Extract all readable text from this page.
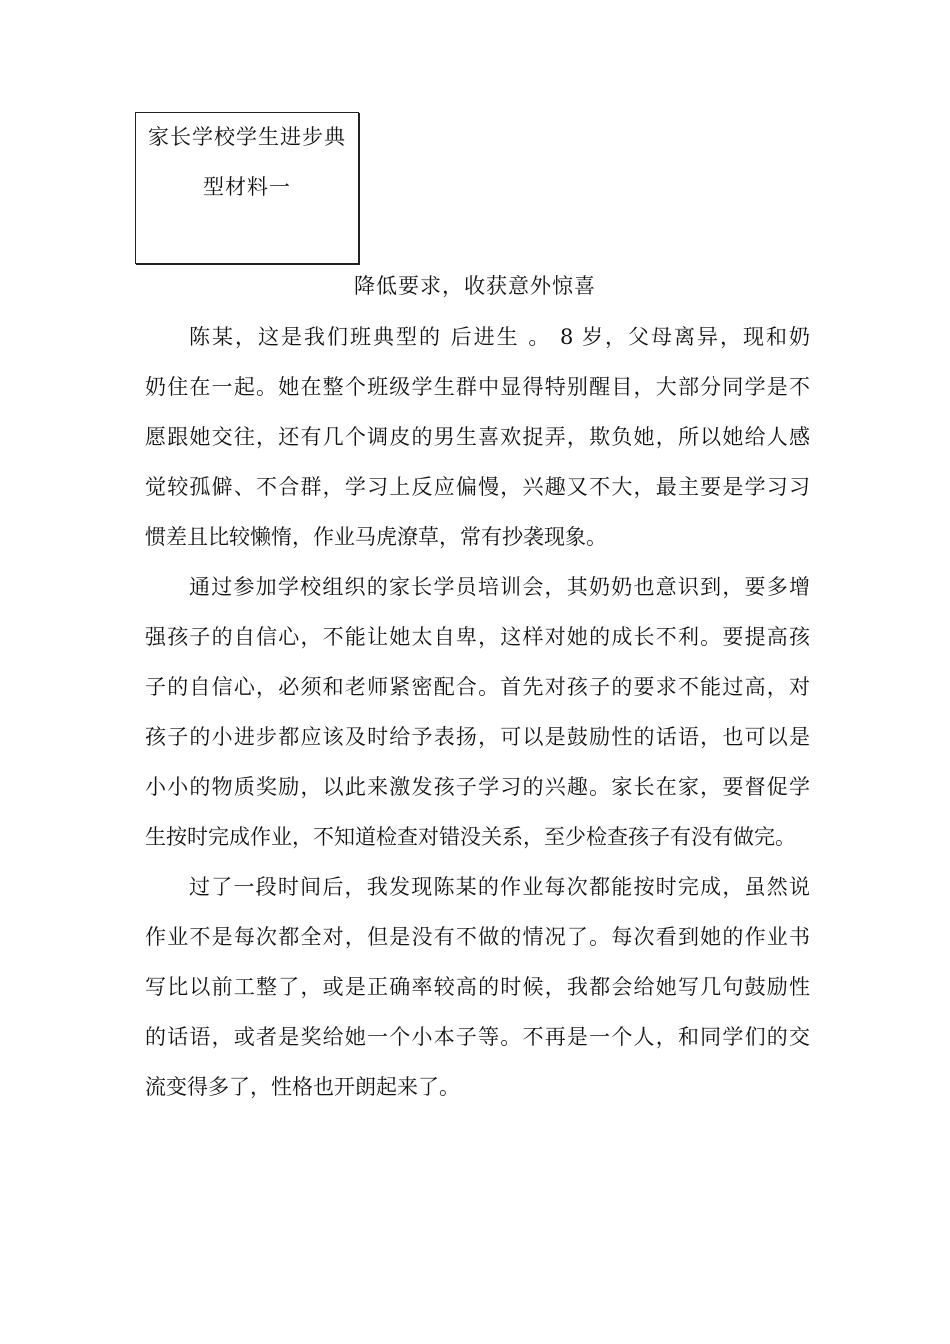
家长学校学生进步典
型材料一
降低要求，收获意外惊喜
陈某，这是我们班典型的 后进生 。 8 岁，父母离异，现和奶
奶住在一起。她在整个班级学生群中显得特别醒目，大部分同学是不
愿跟她交往，还有几个调皮的男生喜欢捉弄，欺负她，所以她给人感
觉较孤僻、不合群，学习上反应偏慢，兴趣又不大，最主要是学习习
惯差且比较懒惰，作业马虎潦草，常有抄袭现象。
通过参加学校组织的家长学员培训会，其奶奶也意识到，要多增
强孩子的自信心，不能让她太自卑，这样对她的成长不利。要提高孩
子的自信心，必须和老师紧密配合。首先对孩子的要求不能过高，对
孩子的小进步都应该及时给予表扬，可以是鼓励性的话语，也可以是
小小的物质奖励，以此来激发孩子学习的兴趣。家长在家，要督促学
生按时完成作业，不知道检查对错没关系，至少检查孩子有没有做完。
过了一段时间后，我发现陈某的作业每次都能按时完成，虽然说
作业不是每次都全对，但是没有不做的情况了。每次看到她的作业书
写比以前工整了，或是正确率较高的时候，我都会给她写几句鼓励性
的话语，或者是奖给她一个小本子等。不再是一个人，和同学们的交
流变得多了，性格也开朗起来了。
